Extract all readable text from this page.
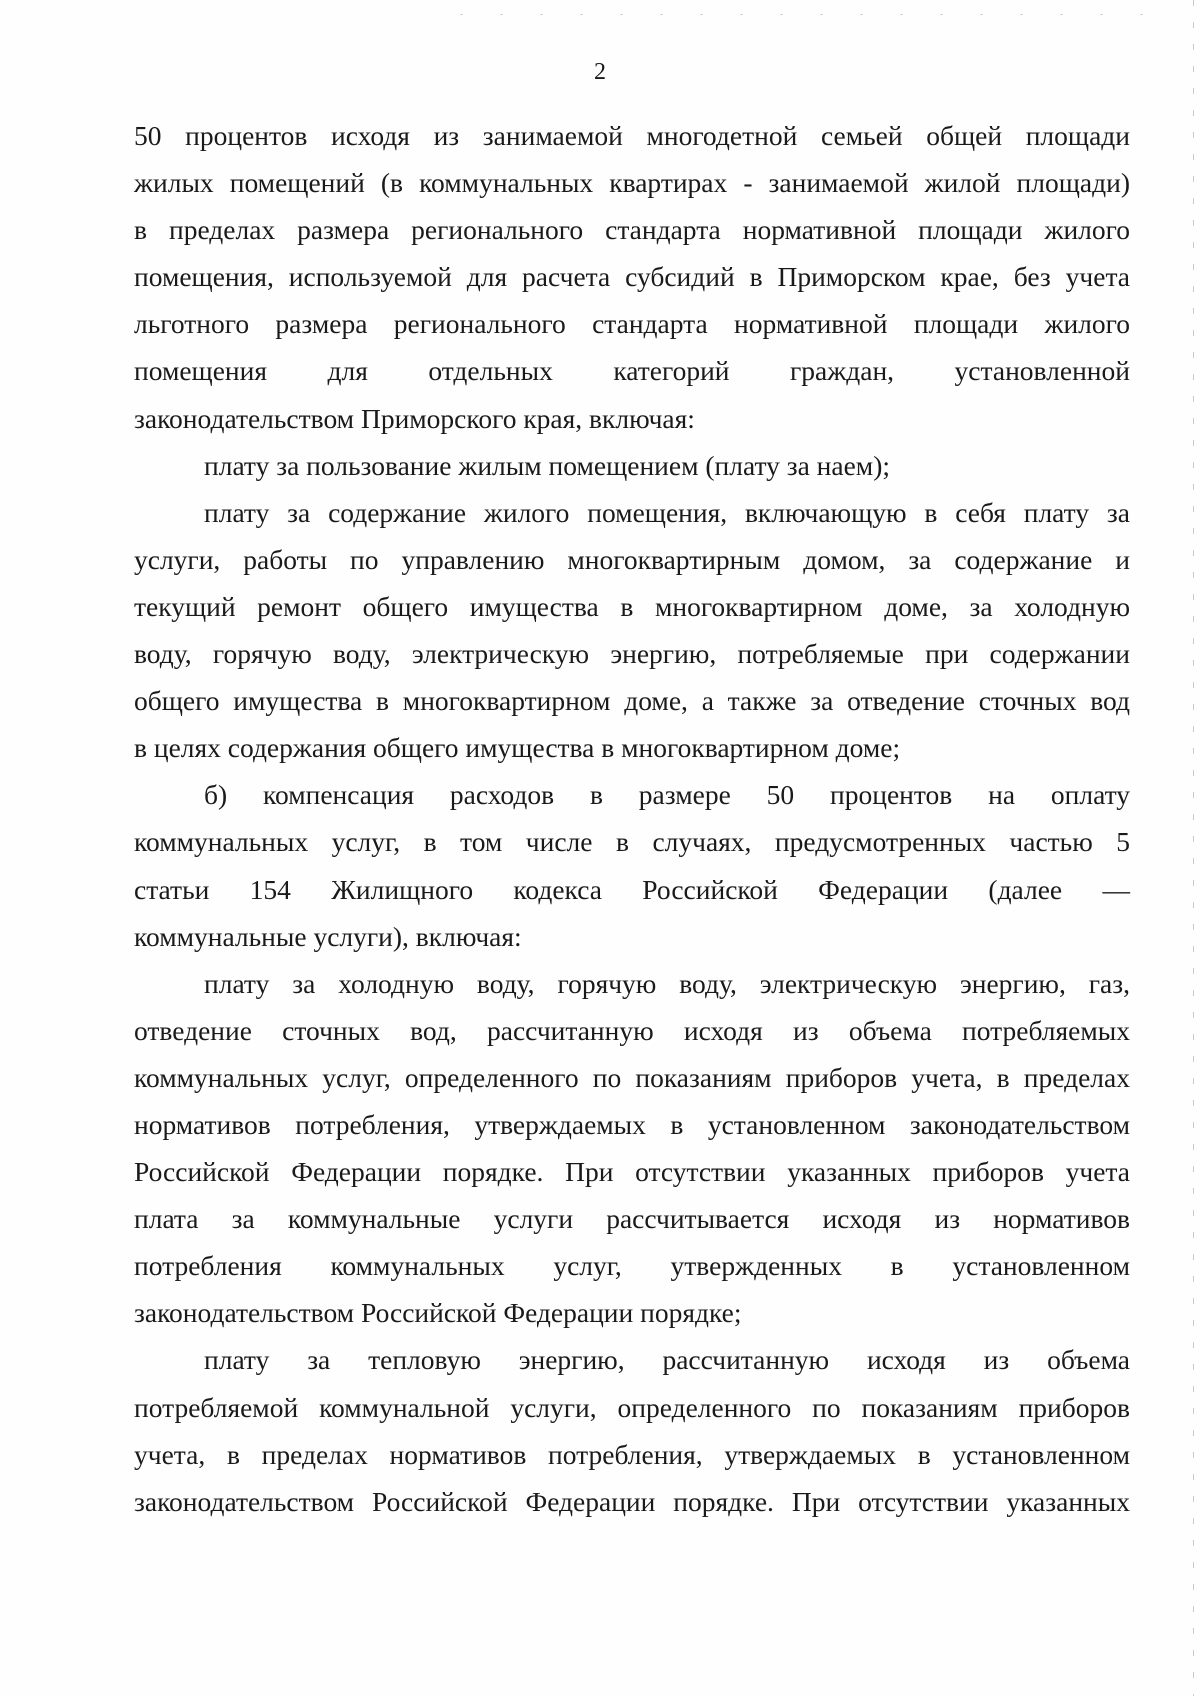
2
50 процентов исходя из занимаемой многодетной семьей общей площади
жилых помещений (в коммунальных квартирах - занимаемой жилой площади)
в пределах размера регионального стандарта нормативной площади жилого
помещения, используемой для расчета субсидий в Приморском крае, без учета
льготного размера регионального стандарта нормативной площади жилого
помещения для отдельных категорий граждан, установленной
законодательством Приморского края, включая:
плату за пользование жилым помещением (плату за наем);
плату за содержание жилого помещения, включающую в себя плату за
услуги, работы по управлению многоквартирным домом, за содержание и
текущий ремонт общего имущества в многоквартирном доме, за холодную
воду, горячую воду, электрическую энергию, потребляемые при содержании
общего имущества в многоквартирном доме, а также за отведение сточных вод
в целях содержания общего имущества в многоквартирном доме;
б) компенсация расходов в размере 50 процентов на оплату
коммунальных услуг, в том числе в случаях, предусмотренных частью 5
статьи 154 Жилищного кодекса Российской Федерации (далее —
коммунальные услуги), включая:
плату за холодную воду, горячую воду, электрическую энергию, газ,
отведение сточных вод, рассчитанную исходя из объема потребляемых
коммунальных услуг, определенного по показаниям приборов учета, в пределах
нормативов потребления, утверждаемых в установленном законодательством
Российской Федерации порядке. При отсутствии указанных приборов учета
плата за коммунальные услуги рассчитывается исходя из нормативов
потребления коммунальных услуг, утвержденных в установленном
законодательством Российской Федерации порядке;
плату за тепловую энергию, рассчитанную исходя из объема
потребляемой коммунальной услуги, определенного по показаниям приборов
учета, в пределах нормативов потребления, утверждаемых в установленном
законодательством Российской Федерации порядке. При отсутствии указанных
